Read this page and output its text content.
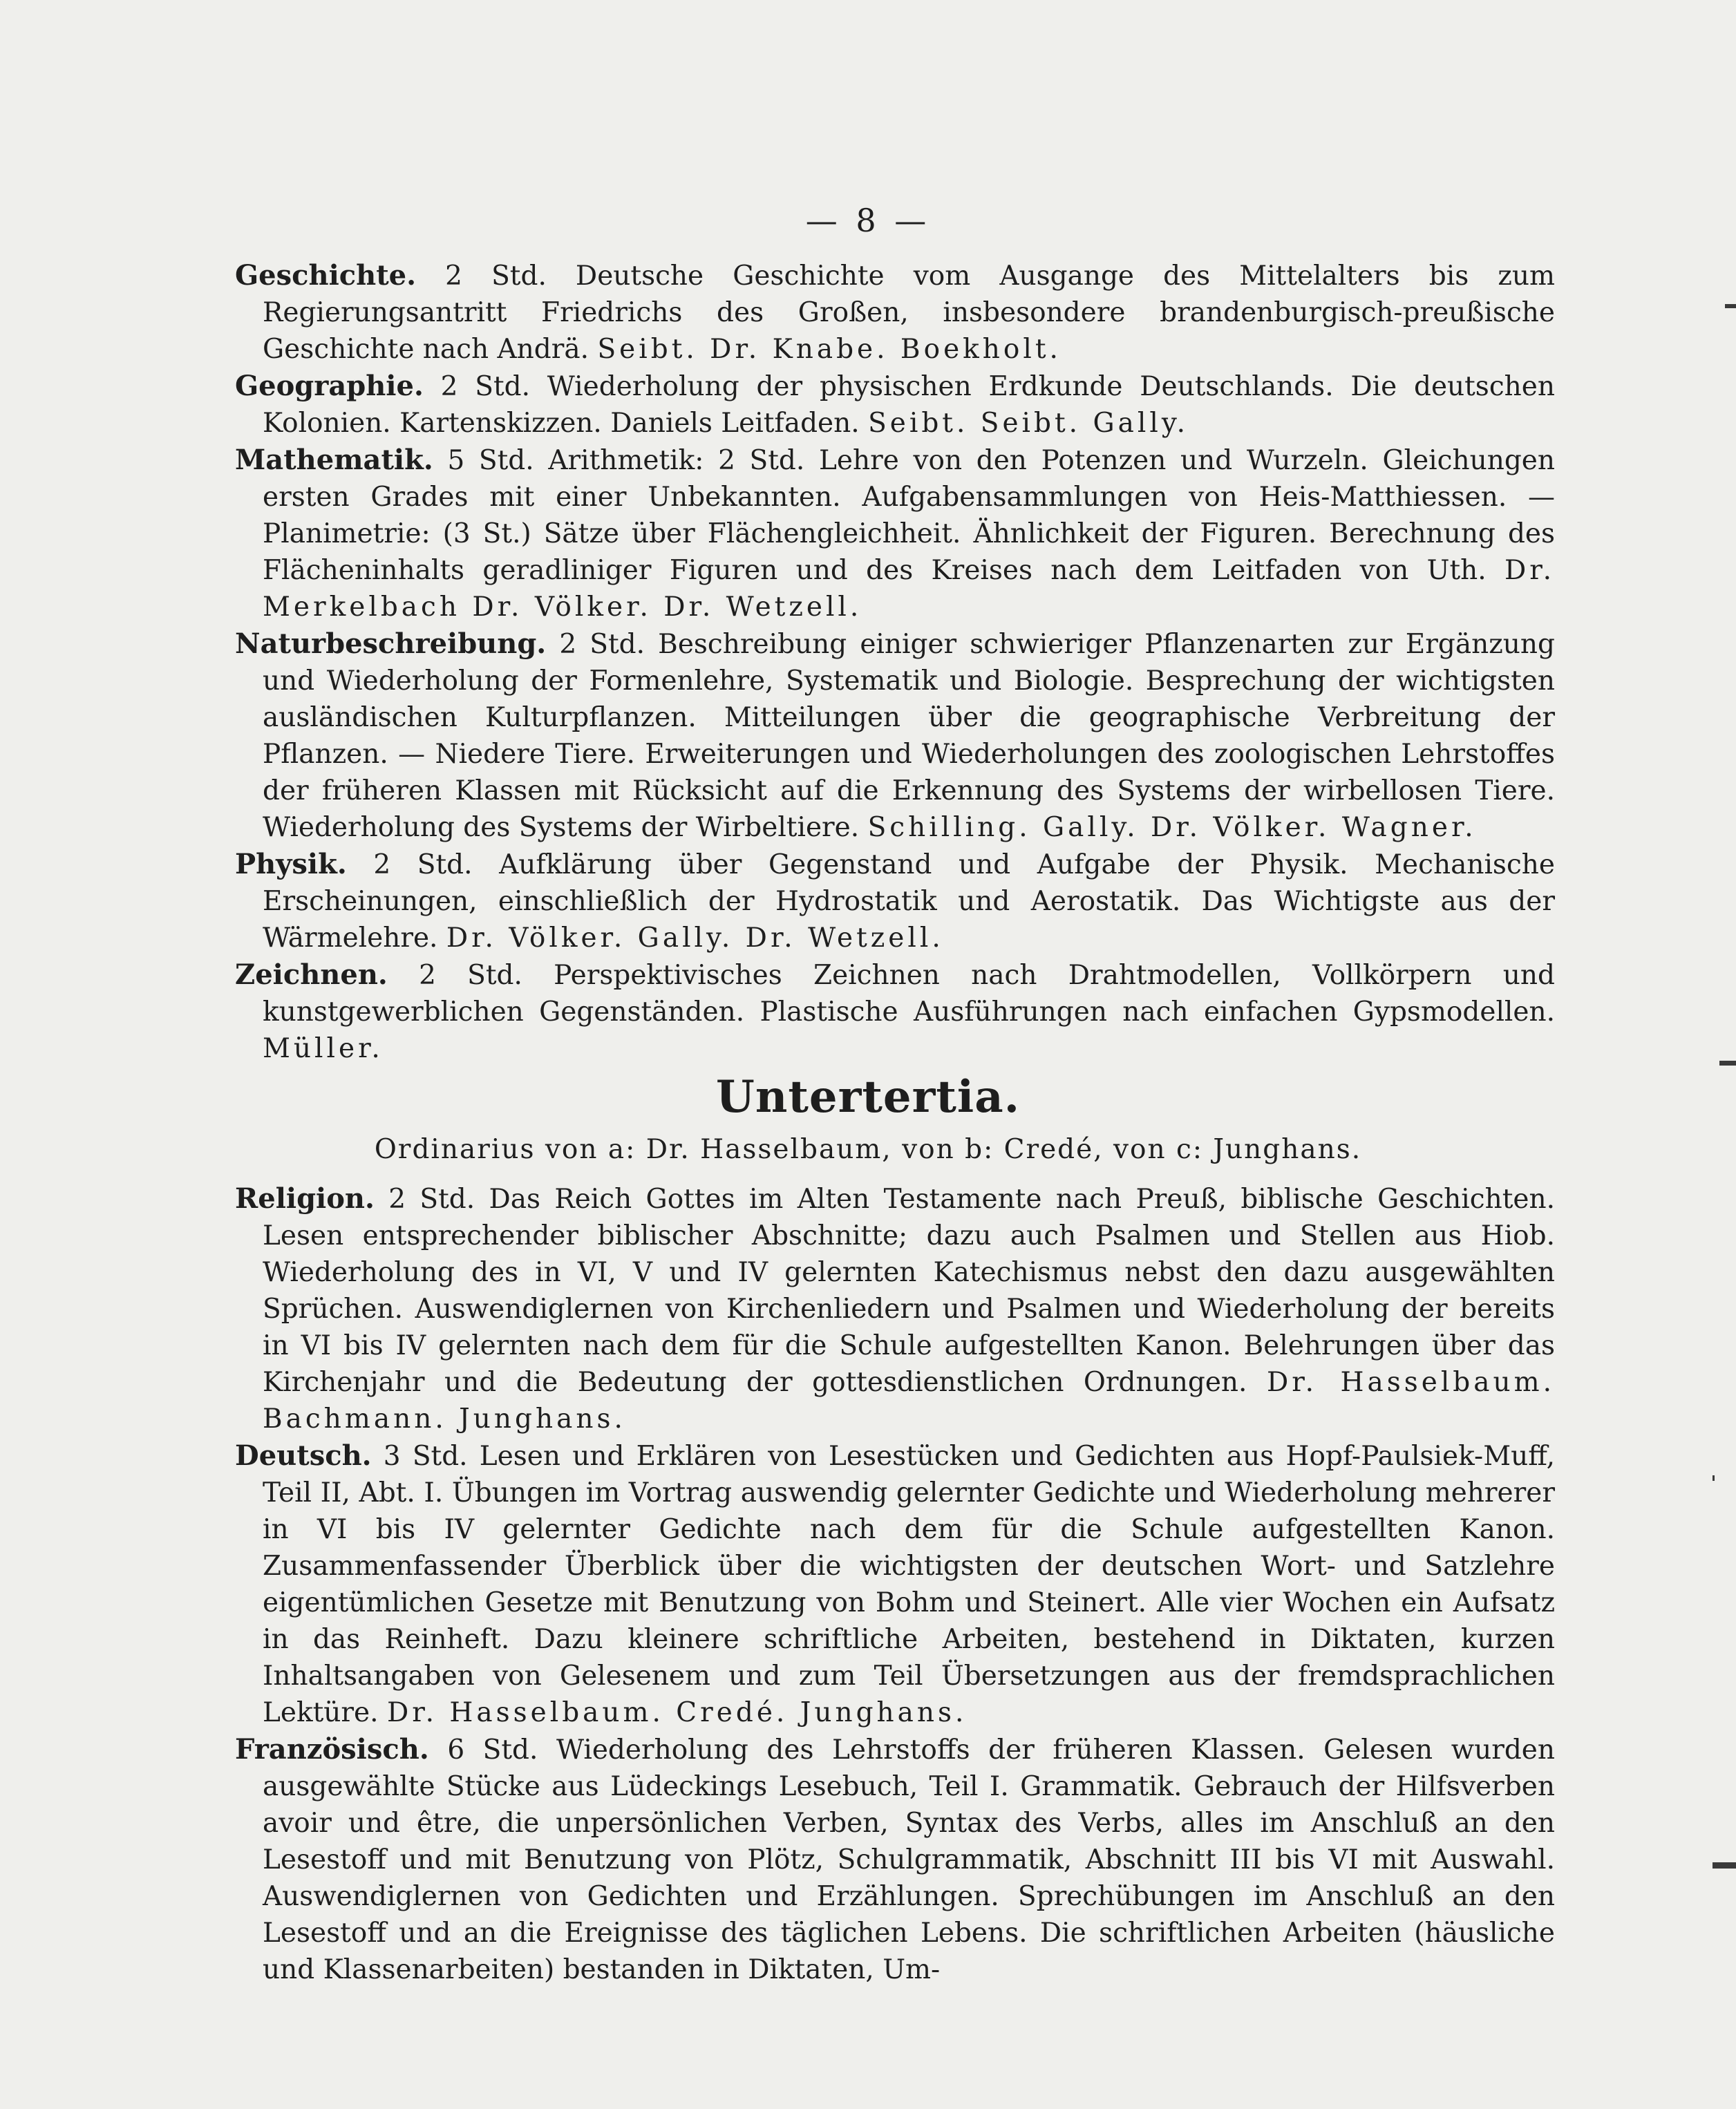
— 8 —

Geschichte. 2 Std. Deutsche Geschichte vom Ausgange des Mittelalters bis zum Regierungsantritt Friedrichs des Großen, insbesondere brandenburgisch-preußische Geschichte nach Andrä. Seibt. Dr. Knabe. Boekholt.

Geographie. 2 Std. Wiederholung der physischen Erdkunde Deutschlands. Die deutschen Kolonien. Kartenskizzen. Daniels Leitfaden. Seibt. Seibt. Gally.

Mathematik. 5 Std. Arithmetik: 2 Std. Lehre von den Potenzen und Wurzeln. Gleichungen ersten Grades mit einer Unbekannten. Aufgabensammlungen von Heis-Matthiessen. — Planimetrie: (3 St.) Sätze über Flächengleichheit. Ähnlichkeit der Figuren. Berechnung des Flächeninhalts geradliniger Figuren und des Kreises nach dem Leitfaden von Uth. Dr. Merkelbach Dr. Völker. Dr. Wetzell.

Naturbeschreibung. 2 Std. Beschreibung einiger schwieriger Pflanzenarten zur Ergänzung und Wiederholung der Formenlehre, Systematik und Biologie. Besprechung der wichtigsten ausländischen Kulturpflanzen. Mitteilungen über die geographische Verbreitung der Pflanzen. — Niedere Tiere. Erweiterungen und Wiederholungen des zoologischen Lehrstoffes der früheren Klassen mit Rücksicht auf die Erkennung des Systems der wirbellosen Tiere. Wiederholung des Systems der Wirbeltiere. Schilling. Gally. Dr. Völker. Wagner.

Physik. 2 Std. Aufklärung über Gegenstand und Aufgabe der Physik. Mechanische Erscheinungen, einschließlich der Hydrostatik und Aerostatik. Das Wichtigste aus der Wärmelehre. Dr. Völker. Gally. Dr. Wetzell.

Zeichnen. 2 Std. Perspektivisches Zeichnen nach Drahtmodellen, Vollkörpern und kunstgewerblichen Gegenständen. Plastische Ausführungen nach einfachen Gypsmodellen. Müller.

Untertertia.
Ordinarius von a: Dr. Hasselbaum, von b: Credé, von c: Junghans.

Religion. 2 Std. Das Reich Gottes im Alten Testamente nach Preuß, biblische Geschichten. Lesen entsprechender biblischer Abschnitte; dazu auch Psalmen und Stellen aus Hiob. Wiederholung des in VI, V und IV gelernten Katechismus nebst den dazu ausgewählten Sprüchen. Auswendiglernen von Kirchenliedern und Psalmen und Wiederholung der bereits in VI bis IV gelernten nach dem für die Schule aufgestellten Kanon. Belehrungen über das Kirchenjahr und die Bedeutung der gottesdienstlichen Ordnungen. Dr. Hasselbaum. Bachmann. Junghans.

Deutsch. 3 Std. Lesen und Erklären von Lesestücken und Gedichten aus Hopf-Paulsiek-Muff, Teil II, Abt. I. Übungen im Vortrag auswendig gelernter Gedichte und Wiederholung mehrerer in VI bis IV gelernter Gedichte nach dem für die Schule aufgestellten Kanon. Zusammenfassender Überblick über die wichtigsten der deutschen Wort- und Satzlehre eigentümlichen Gesetze mit Benutzung von Bohm und Steinert. Alle vier Wochen ein Aufsatz in das Reinheft. Dazu kleinere schriftliche Arbeiten, bestehend in Diktaten, kurzen Inhaltsangaben von Gelesenem und zum Teil Übersetzungen aus der fremdsprachlichen Lektüre. Dr. Hasselbaum. Credé. Junghans.

Französisch. 6 Std. Wiederholung des Lehrstoffs der früheren Klassen. Gelesen wurden ausgewählte Stücke aus Lüdeckings Lesebuch, Teil I. Grammatik. Gebrauch der Hilfsverben avoir und être, die unpersönlichen Verben, Syntax des Verbs, alles im Anschluß an den Lesestoff und mit Benutzung von Plötz, Schulgrammatik, Abschnitt III bis VI mit Auswahl. Auswendiglernen von Gedichten und Erzählungen. Sprechübungen im Anschluß an den Lesestoff und an die Ereignisse des täglichen Lebens. Die schriftlichen Arbeiten (häusliche und Klassenarbeiten) bestanden in Diktaten, Um-
